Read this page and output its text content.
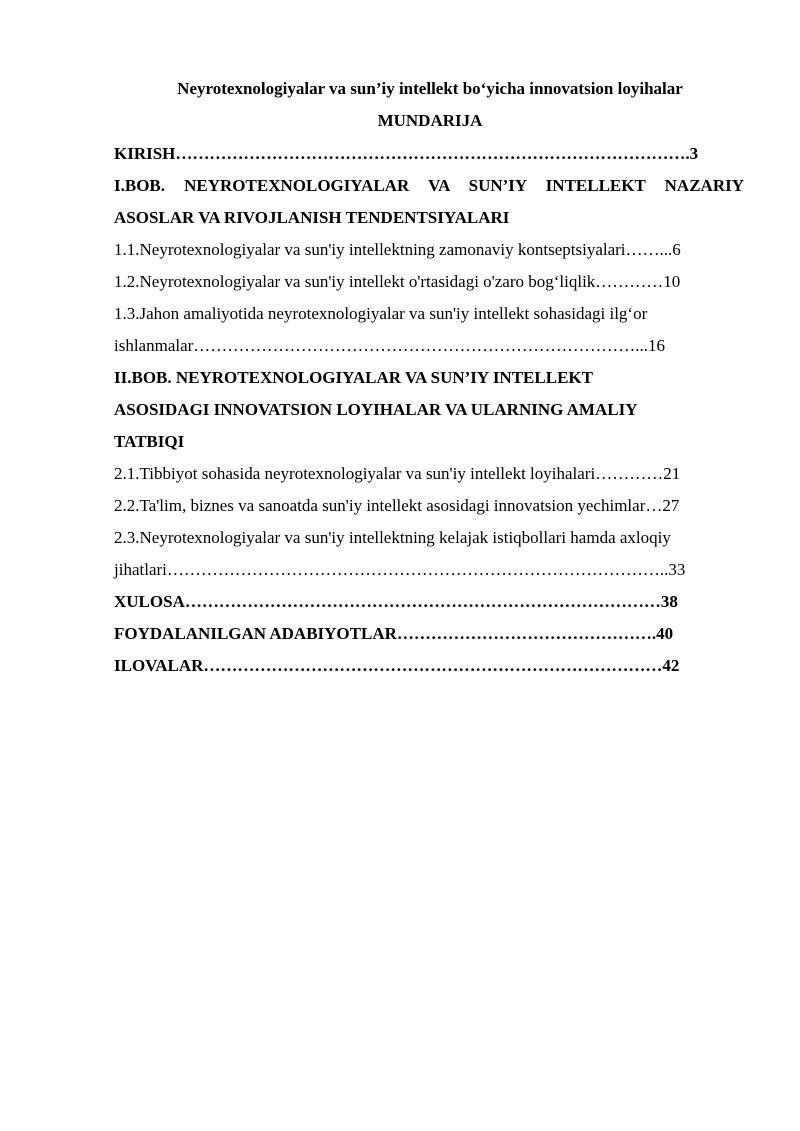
Neyrotexnologiyalar va sun’iy intellekt bo‘yicha innovatsion loyihalar

MUNDARIJA

KIRISH……………………………………………………………………………….3

I.BOB. NEYROTEXNOLOGIYALAR VA SUN’IY INTELLEKT NAZARIY

ASOSLAR VA RIVOJLANISH TENDENTSIYALARI

1.1.Neyrotexnologiyalar va sun'iy intellektning zamonaviy kontseptsiyalari……...6

1.2.Neyrotexnologiyalar va sun'iy intellekt o'rtasidagi o'zaro bog‘liqlik…………10

1.3.Jahon amaliyotida neyrotexnologiyalar va sun'iy intellekt sohasidagi ilg‘or

ishlanmalar……………………………………………………………………...16

II.BOB. NEYROTEXNOLOGIYALAR VA SUN’IY INTELLEKT

ASOSIDAGI INNOVATSION LOYIHALAR VA ULARNING AMALIY

TATBIQI

2.1.Tibbiyot sohasida neyrotexnologiyalar va sun'iy intellekt loyihalari…………21

2.2.Ta'lim, biznes va sanoatda sun'iy intellekt asosidagi innovatsion yechimlar…27

2.3.Neyrotexnologiyalar va sun'iy intellektning kelajak istiqbollari hamda axloqiy

jihatlari……………………………………………………………………………..33

XULOSA…………………………………………………………………………38

FOYDALANILGAN ADABIYOTLAR……………………………………….40

ILOVALAR………………………………………………………………………42
